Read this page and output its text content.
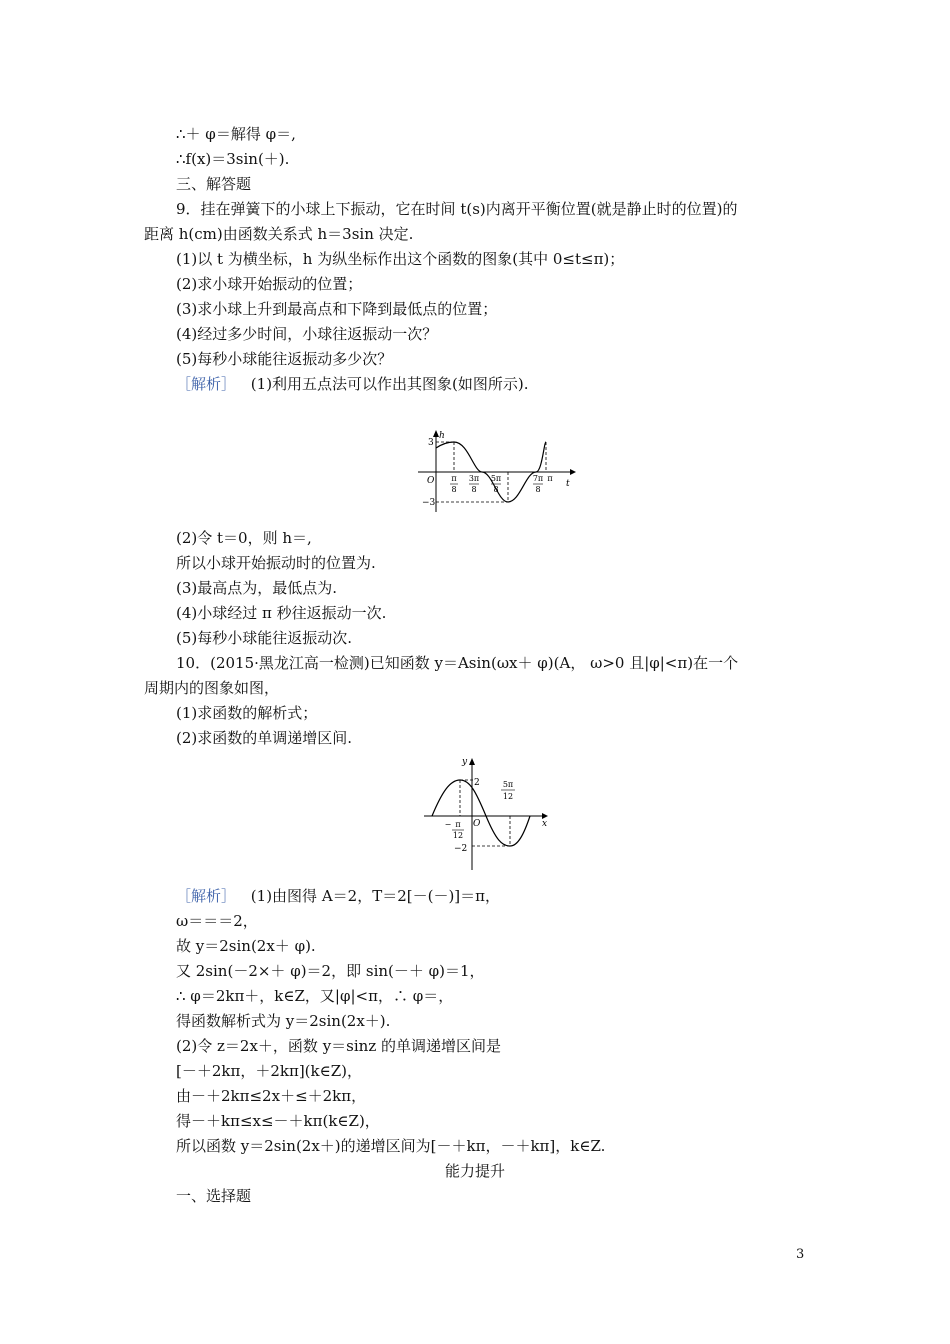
∴＋ φ＝解得 φ＝,
∴f(x)＝3sin(＋).
三、解答题
9．挂在弹簧下的小球上下振动，它在时间 t(s)内离开平衡位置(就是静止时的位置)的
距离 h(cm)由函数关系式 h＝3sin 决定.
(1)以 t 为横坐标，h 为纵坐标作出这个函数的图象(其中 0≤t≤π)；
(2)求小球开始振动的位置；
(3)求小球上升到最高点和下降到最低点的位置；
(4)经过多少时间，小球往返振动一次？
(5)每秒小球能往返振动多少次？
［解析］ (1)利用五点法可以作出其图象(如图所示).
h
t
O
3
−3
π
8
3π
8
5π
8
7π
8
π
(2)令 t＝0，则 h＝,
所以小球开始振动时的位置为.
(3)最高点为，最低点为.
(4)小球经过 π 秒往返振动一次.
(5)每秒小球能往返振动次.
10．(2015·黑龙江高一检测)已知函数 y＝Asin(ωx＋ φ)(A， ω>0 且|φ|<π)在一个
周期内的图象如图，
(1)求函数的解析式；
(2)求函数的单调递增区间.
y
x
O
2
−2
− π
12
5π
12
［解析］ (1)由图得 A＝2，T＝2[－(－)]＝π，
ω＝＝＝2，
故 y＝2sin(2x＋ φ).
又 2sin(－2×＋ φ)＝2，即 sin(－＋ φ)＝1，
∴ φ＝2kπ＋，k∈Z，又|φ|<π，∴ φ＝，
得函数解析式为 y＝2sin(2x＋).
(2)令 z＝2x＋，函数 y＝sinz 的单调递增区间是
[－＋2kπ，＋2kπ](k∈Z)，
由－＋2kπ≤2x＋≤＋2kπ，
得－＋kπ≤x≤－＋kπ(k∈Z)，
所以函数 y＝2sin(2x＋)的递增区间为[－＋kπ，－＋kπ]，k∈Z.
能力提升
一、选择题
3
